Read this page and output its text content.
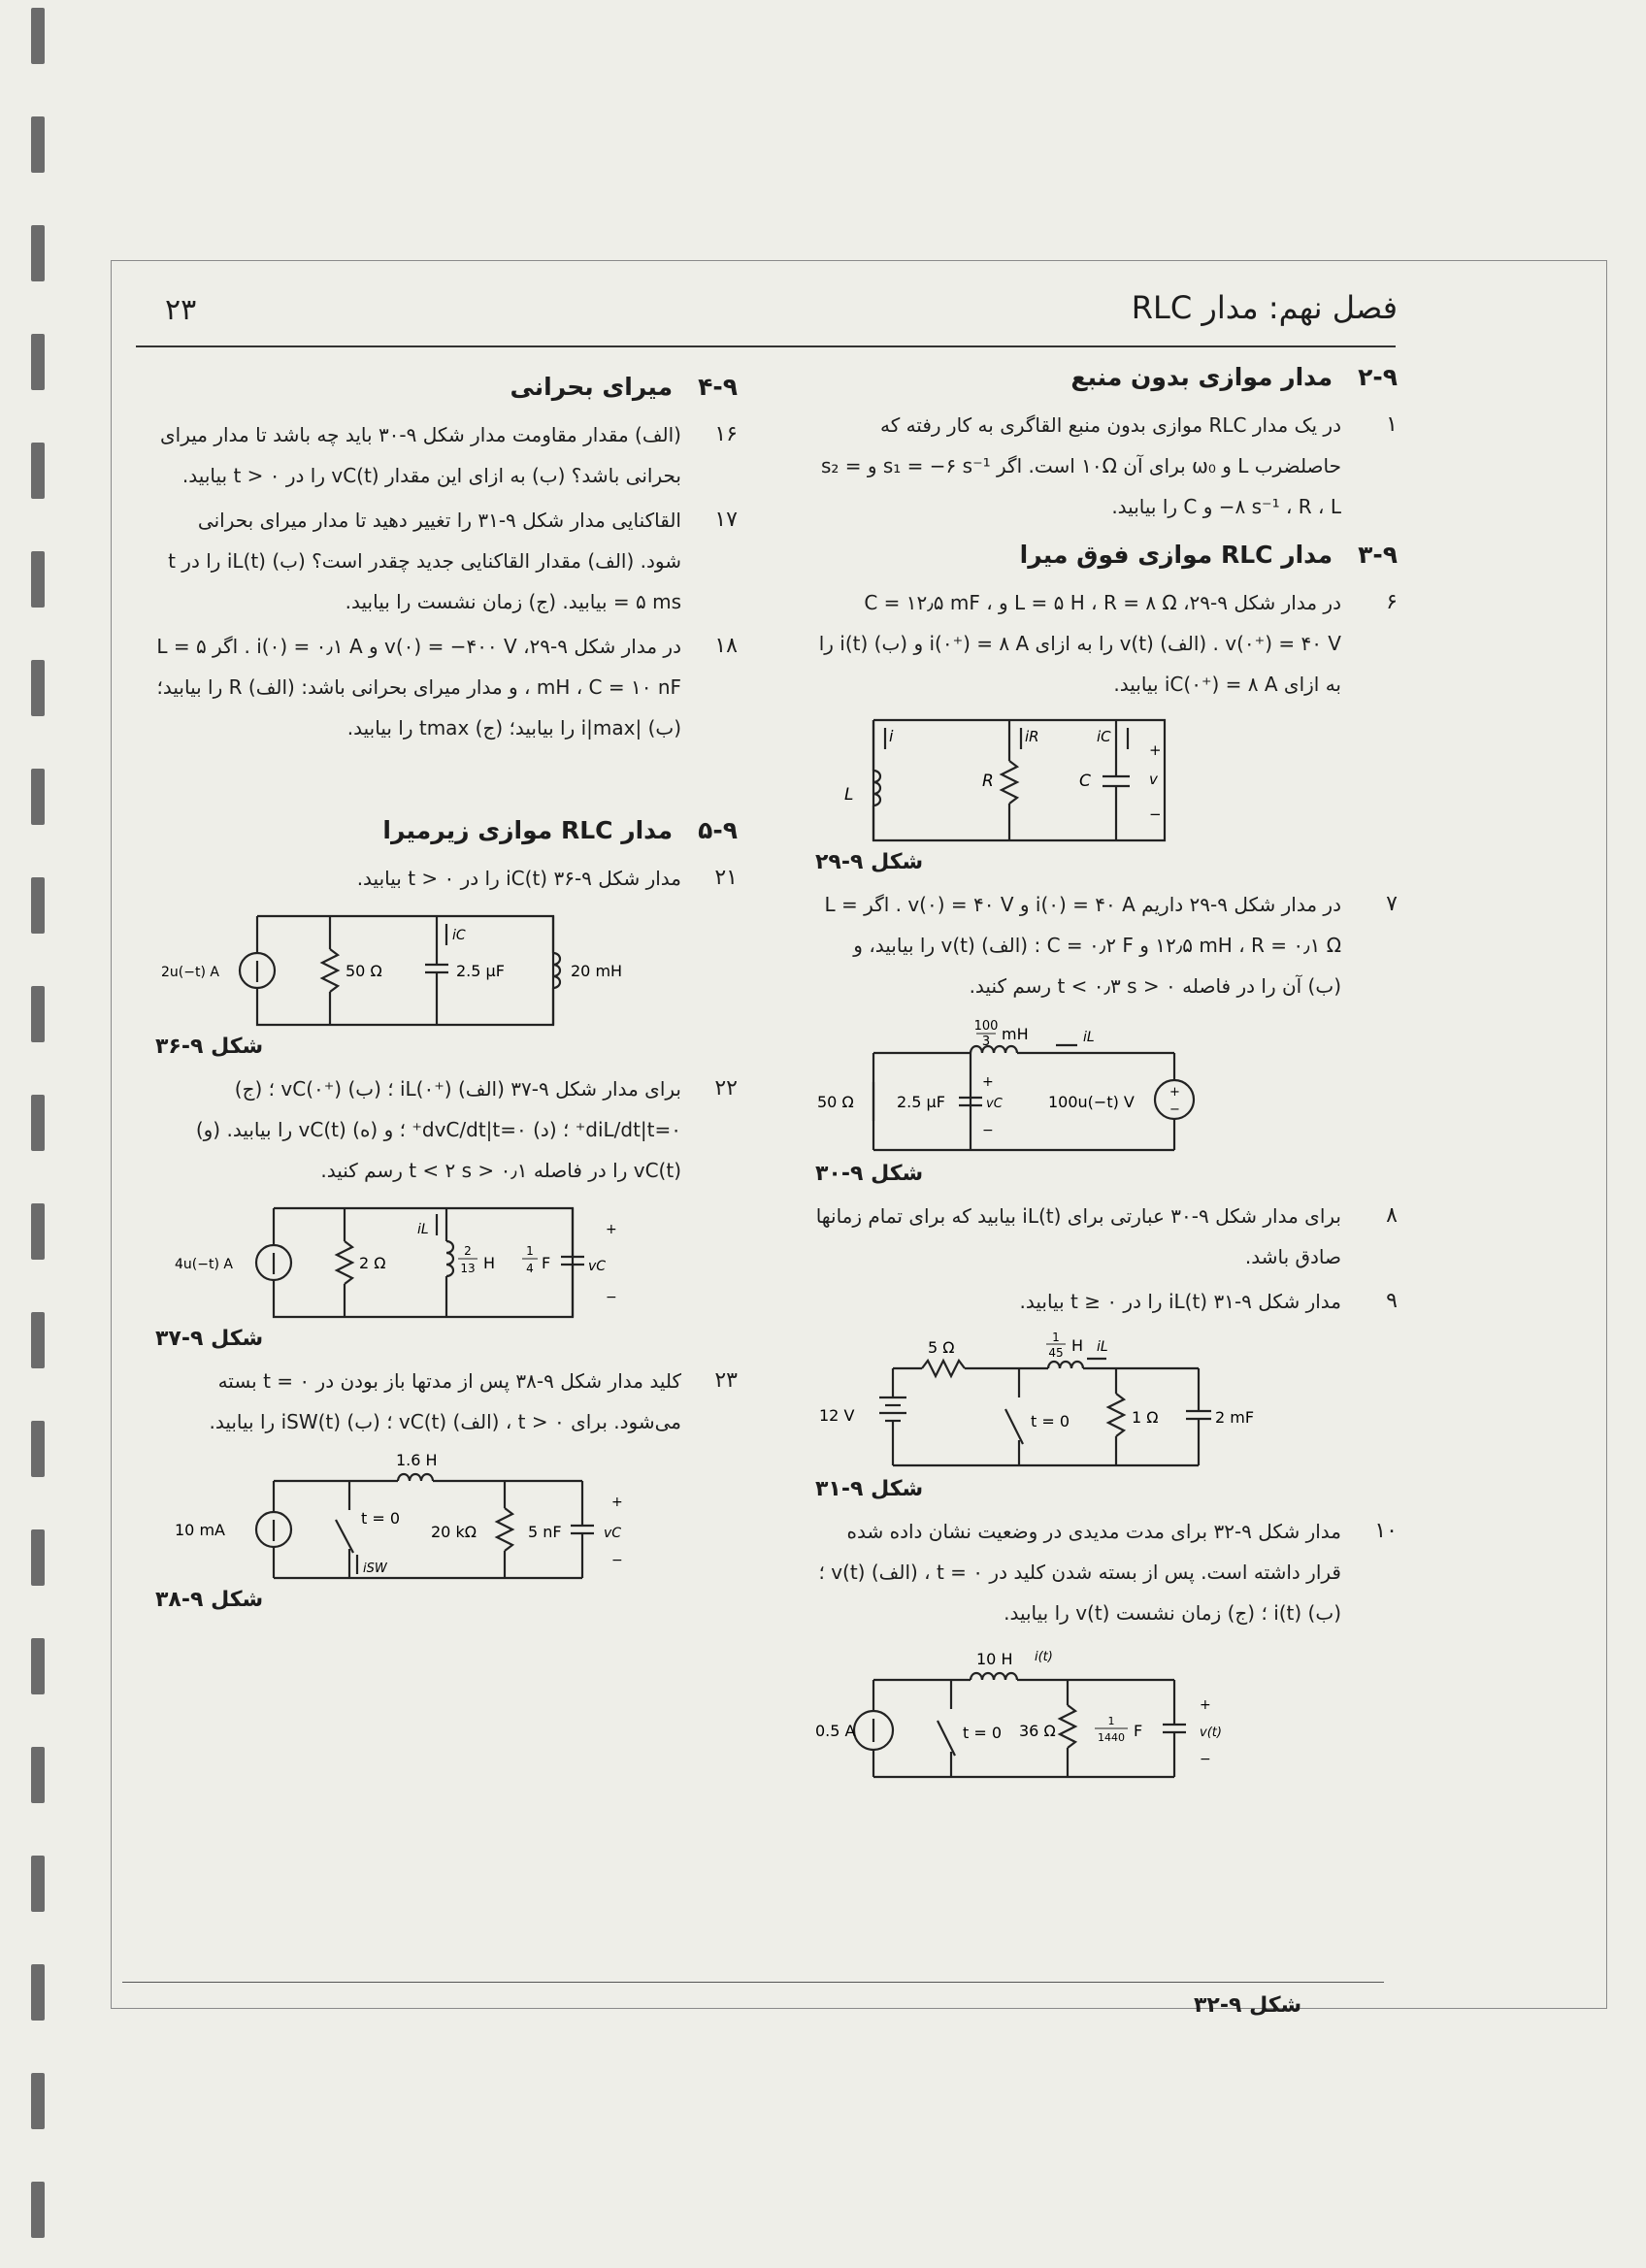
۲۳	فصل نهم: مدار RLC
۲-۹مدار موازی بدون منبع
۱
در یک مدار RLC موازی بدون منبع القاگری به کار رفته که حاصلضرب L و ω₀ برای آن ۱۰Ω است. اگر s₁ = −۶ s⁻¹ و s₂ = −۸ s⁻¹ ، R ، L و C را بیابید.
۳-۹مدار RLC موازی فوق میرا
۶
در مدار شکل ۹-۲۹، L = ۵ H ، R = ۸ Ω و C = ۱۲٫۵ mF ، v(۰⁺) = ۴۰ V . (الف) v(t) را به ازای i(۰⁺) = ۸ A و (ب) i(t) را به ازای iC(۰⁺) = ۸ A بیابید.
i	iR	iC
L
R	C	v
+
−
شکل ۹-۲۹
۷
در مدار شکل ۹-۲۹ داریم i(۰) = ۴۰ A و v(۰) = ۴۰ V . اگر L = ۱۲٫۵ mH ، R = ۰٫۱ Ω و C = ۰٫۲ F : (الف) v(t) را بیابید، و (ب) آن را در فاصله ۰ < t < ۰٫۳ s رسم کنید.
100
3 mH	iL
50 Ω	2.5 μF	vC
+
−
100u(−t) V
+
−
شکل ۹-۳۰
۸
برای مدار شکل ۹-۳۰ عبارتی برای iL(t) بیابید که برای تمام زمانها صادق باشد.
۹
مدار شکل ۹-۳۱ iL(t) را در t ≥ ۰ بیابید.
12 V
5 Ω
1
45 H iL
t = 0	1 Ω	2 mF
شکل ۹-۳۱
۱۰
مدار شکل ۹-۳۲ برای مدت مدیدی در وضعیت نشان داده شده قرار داشته است. پس از بسته شدن کلید در t = ۰ ، (الف) v(t) ؛ (ب) i(t) ؛ (ج) زمان نشست v(t) را بیابید.
0.5 A
10 H i(t)
t = 0 36 Ω
1
1440 F	v(t)
+
−
شکل ۹-۳۲
۴-۹میرای بحرانی
۱۶
(الف) مقدار مقاومت مدار شکل ۹-۳۰ باید چه باشد تا مدار میرای بحرانی باشد؟ (ب) به ازای این مقدار vC(t) را در t > ۰ بیابید.
۱۷
القاکنایی مدار شکل ۹-۳۱ را تغییر دهید تا مدار میرای بحرانی شود. (الف) مقدار القاکنایی جدید چقدر است؟ (ب) iL(t) را در t = ۵ ms بیابید. (ج) زمان نشست را بیابید.
۱۸
در مدار شکل ۹-۲۹، v(۰) = −۴۰۰ V و i(۰) = ۰٫۱ A . اگر L = ۵ mH ، C = ۱۰ nF ، و مدار میرای بحرانی باشد: (الف) R را بیابید؛ (ب) |i|max را بیابید؛ (ج) tmax را بیابید.
۵-۹مدار RLC موازی زیرمیرا
۲۱
مدار شکل ۹-۳۶ iC(t) را در t > ۰ بیابید.
2u(−t) A	50 Ω
iC
2.5 μF	20 mH
شکل ۹-۳۶
۲۲
برای مدار شکل ۹-۳۷ (الف) iL(۰⁺) ؛ (ب) vC(۰⁺) ؛ (ج) diL/dt|t=۰⁺ ؛ (د) dvC/dt|t=۰⁺ ؛ و (ه) vC(t) را بیابید. (و) vC(t) را در فاصله ۰٫۱ < t < ۲ s رسم کنید.
4u(−t) A	2 Ω
iL
2
13 H
1
4 F	vC
+
−
شکل ۹-۳۷
۲۳
کلید مدار شکل ۹-۳۸ پس از مدتها باز بودن در t = ۰ بسته می‌شود. برای t > ۰ ، (الف) vC(t) ؛ (ب) iSW(t) را بیابید.
10 mA
1.6 H
t = 0
iSW
20 kΩ	5 nF	vC
+
−
شکل ۹-۳۸
